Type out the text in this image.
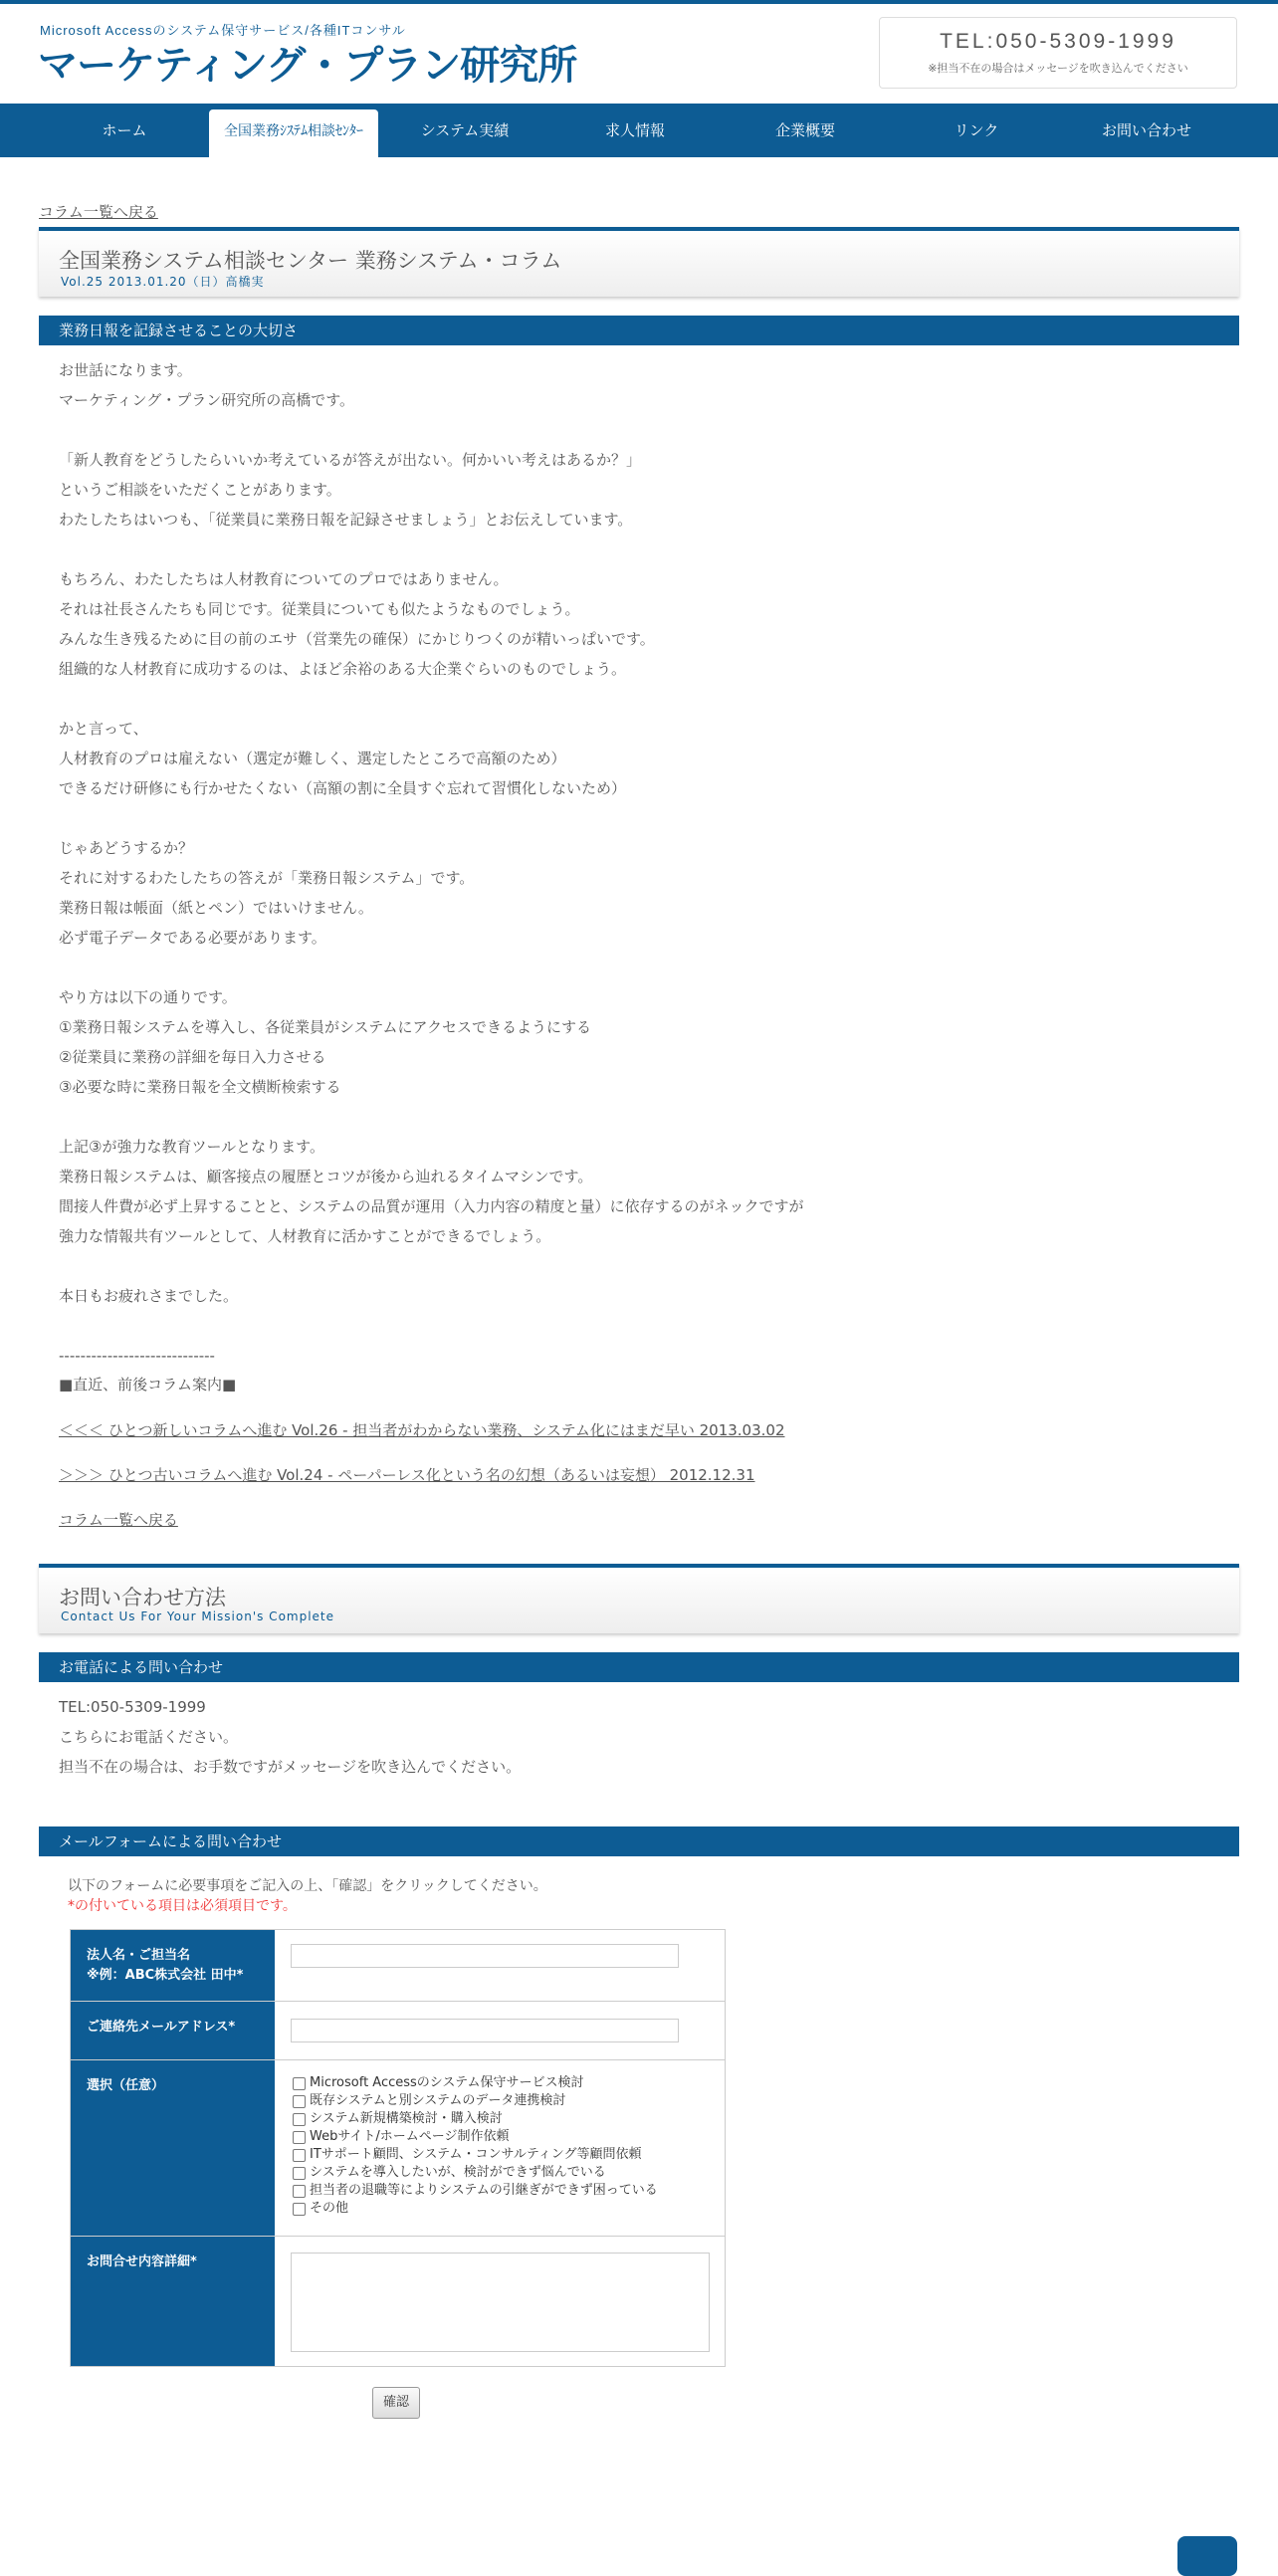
Microsoft Accessのシステム保守サービス/各種ITコンサル
マーケティング・プラン研究所
TEL:050-5309-1999
※担当不在の場合はメッセージを吹き込んでください
ホーム	全国業務ｼｽﾃﾑ相談ｾﾝﾀｰ	システム実績	求人情報	企業概要	リンク	お問い合わせ
コラム一覧へ戻る
全国業務システム相談センター 業務システム・コラム
Vol.25 2013.01.20（日）高橋実
業務日報を記録させることの大切さ
お世話になります。
マーケティング・プラン研究所の高橋です。
「新人教育をどうしたらいいか考えているが答えが出ない。何かいい考えはあるか？」
というご相談をいただくことがあります。
わたしたちはいつも、「従業員に業務日報を記録させましょう」とお伝えしています。
もちろん、わたしたちは人材教育についてのプロではありません。
それは社長さんたちも同じです。従業員についても似たようなものでしょう。
みんな生き残るために目の前のエサ（営業先の確保）にかじりつくのが精いっぱいです。
組織的な人材教育に成功するのは、よほど余裕のある大企業ぐらいのものでしょう。
かと言って、
人材教育のプロは雇えない（選定が難しく、選定したところで高額のため）
できるだけ研修にも行かせたくない（高額の割に全員すぐ忘れて習慣化しないため）
じゃあどうするか？
それに対するわたしたちの答えが「業務日報システム」です。
業務日報は帳面（紙とペン）ではいけません。
必ず電子データである必要があります。
やり方は以下の通りです。
①業務日報システムを導入し、各従業員がシステムにアクセスできるようにする
②従業員に業務の詳細を毎日入力させる
③必要な時に業務日報を全文横断検索する
上記③が強力な教育ツールとなります。
業務日報システムは、顧客接点の履歴とコツが後から辿れるタイムマシンです。
間接人件費が必ず上昇することと、システムの品質が運用（入力内容の精度と量）に依存するのがネックですが
強力な情報共有ツールとして、人材教育に活かすことができるでしょう。
本日もお疲れさまでした。
-----------------------------
■直近、前後コラム案内■
＜＜＜ ひとつ新しいコラムへ進む Vol.26 - 担当者がわからない業務、システム化にはまだ早い 2013.03.02
＞＞＞ ひとつ古いコラムへ進む Vol.24 - ペーパーレス化という名の幻想（あるいは妄想） 2012.12.31
コラム一覧へ戻る
お問い合わせ方法
Contact Us For Your Mission's Complete
お電話による問い合わせ
TEL:050-5309-1999
こちらにお電話ください。
担当不在の場合は、お手数ですがメッセージを吹き込んでください。
メールフォームによる問い合わせ
以下のフォームに必要事項をご記入の上、「確認」をクリックしてください。
*の付いている項目は必須項目です。
法人名・ご担当名
※例：ABC株式会社 田中*
ご連絡先メールアドレス*
選択（任意）	Microsoft Accessのシステム保守サービス検討
既存システムと別システムのデータ連携検討
システム新規構築検討・購入検討
Webサイト/ホームページ制作依頼
ITサポート顧問、システム・コンサルティング等顧問依頼
システムを導入したいが、検討ができず悩んでいる
担当者の退職等によりシステムの引継ぎができず困っている
その他
お問合せ内容詳細*
確認
